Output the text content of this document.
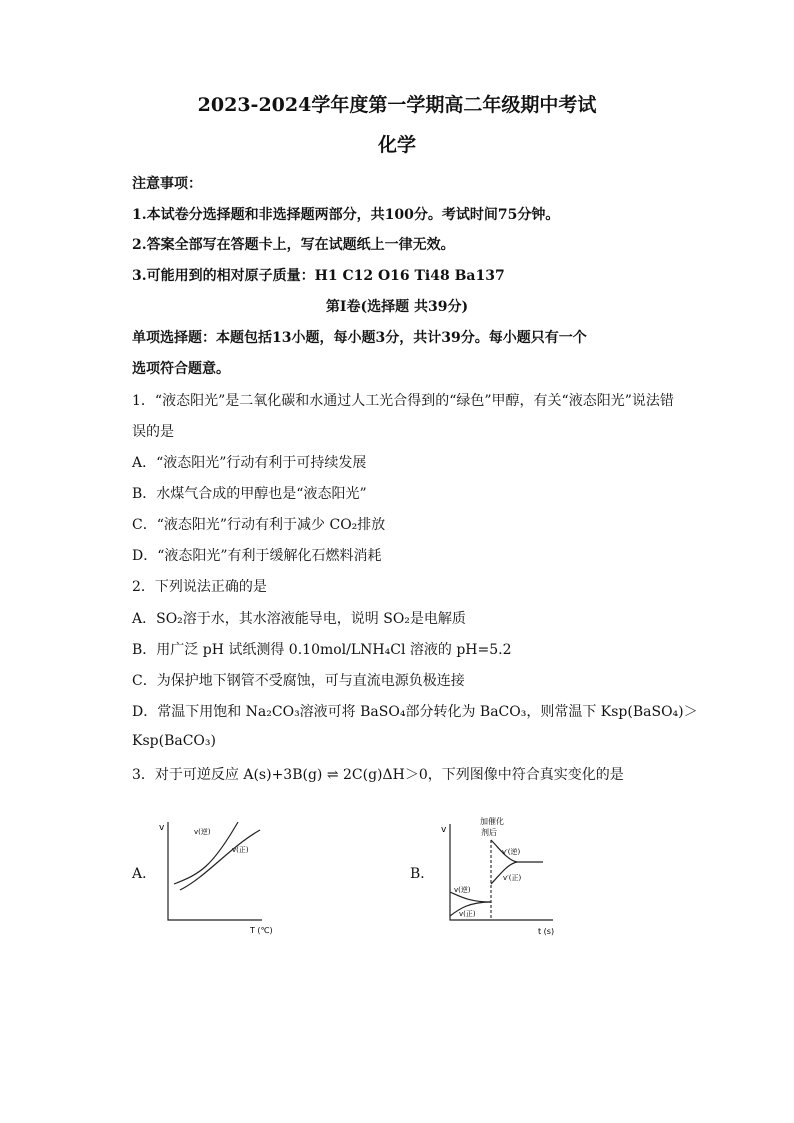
2023-2024学年度第一学期高二年级期中考试
化学
注意事项：
1.本试卷分选择题和非选择题两部分，共100分。考试时间75分钟。
2.答案全部写在答题卡上，写在试题纸上一律无效。
3.可能用到的相对原子质量：H1 C12 O16 Ti48 Ba137
第Ⅰ卷(选择题 共39分)
单项选择题：本题包括13小题，每小题3分，共计39分。每小题只有一个
选项符合题意。
1．“液态阳光”是二氧化碳和水通过人工光合得到的“绿色”甲醇，有关“液态阳光”说法错
误的是
A．“液态阳光”行动有利于可持续发展
B．水煤气合成的甲醇也是“液态阳光”
C．“液态阳光”行动有利于减少 CO₂排放
D．“液态阳光”有利于缓解化石燃料消耗
2．下列说法正确的是
A．SO₂溶于水，其水溶液能导电，说明 SO₂是电解质
B．用广泛 pH 试纸测得 0.10mol/LNH₄Cl 溶液的 pH=5.2
C．为保护地下钢管不受腐蚀，可与直流电源负极连接
D．常温下用饱和 Na₂CO₃溶液可将 BaSO₄部分转化为 BaCO₃，则常温下 Ksp(BaSO₄)＞
Ksp(BaCO₃)
3．对于可逆反应 A(s)+3B(g) ⇌ 2C(g)ΔH＞0，下列图像中符合真实变化的是
A．
v	v(逆)
v(正)
T (℃)
B．
v
加催化
剂后
v(逆)
v(正)
v′(逆)
v′(正)
t (s)
